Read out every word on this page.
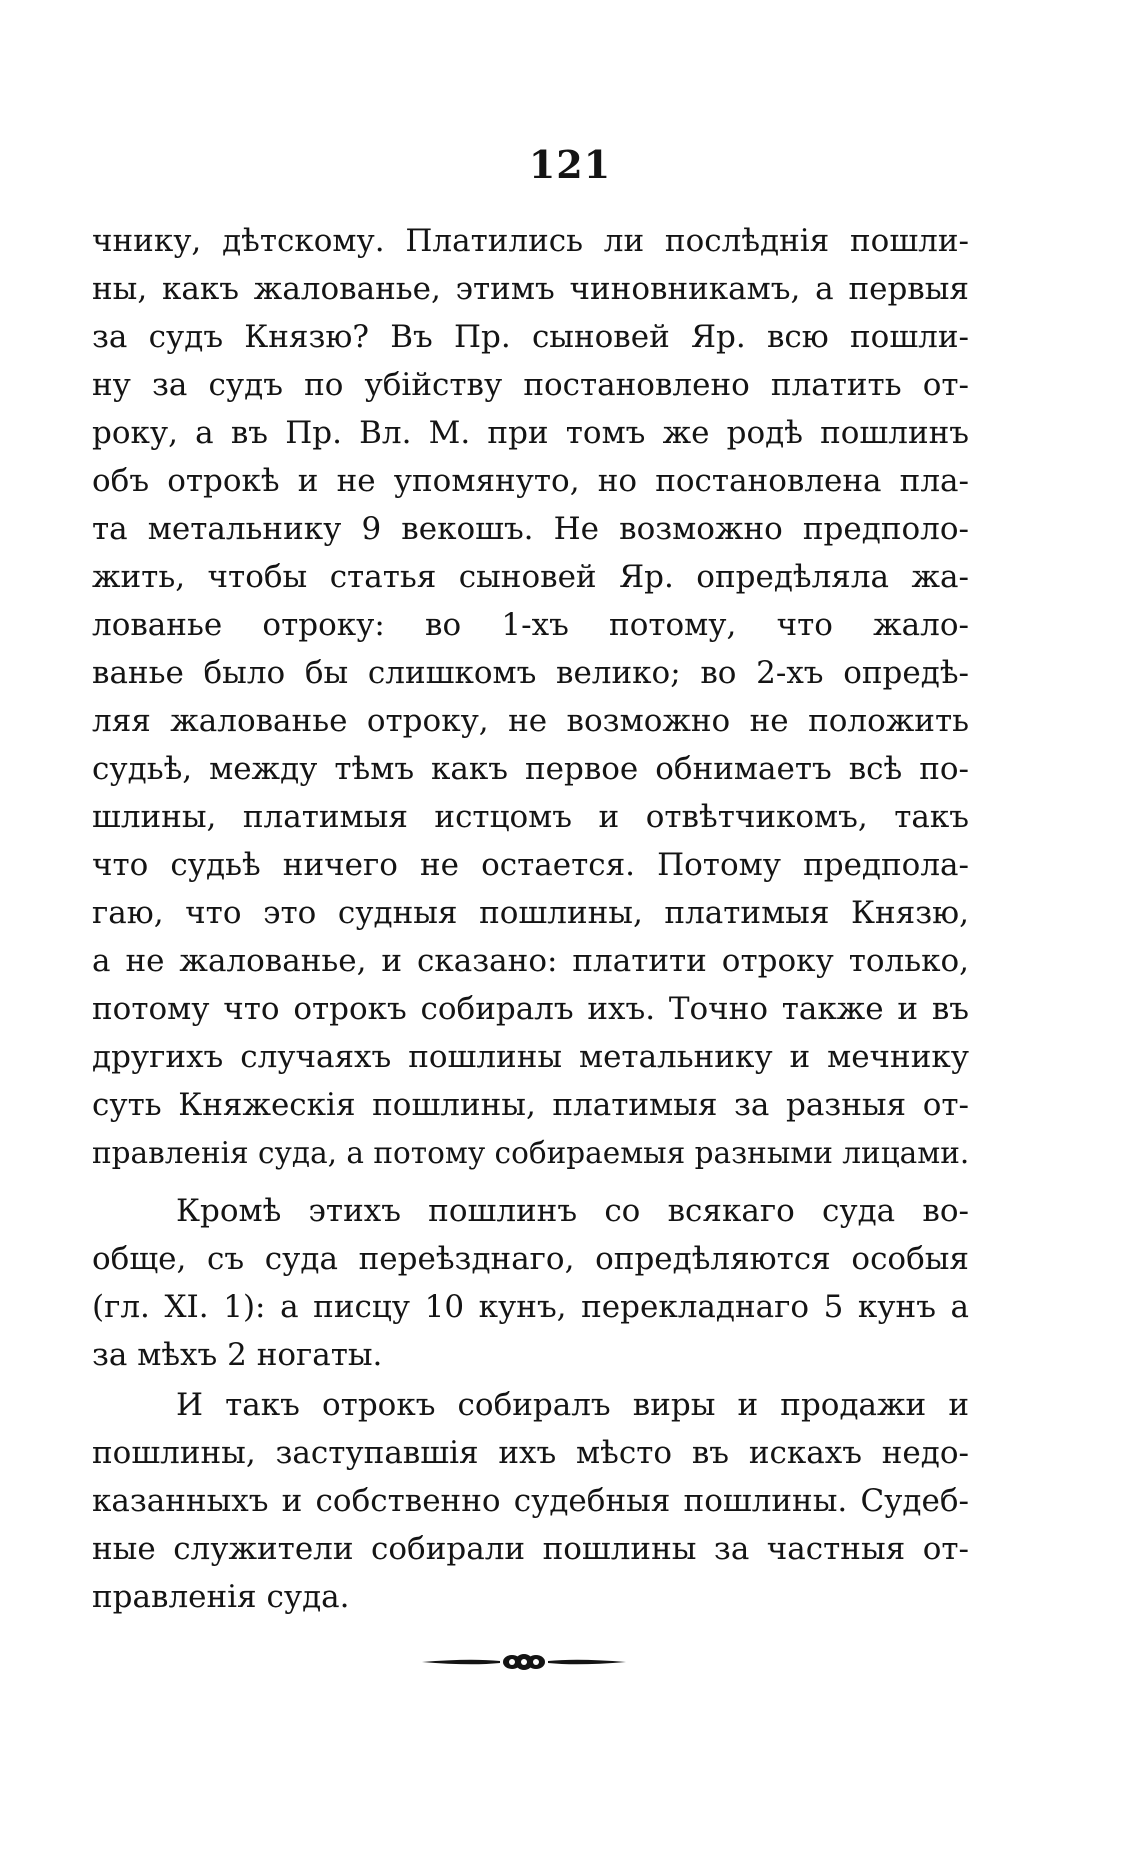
121
чнику, дѣтскому. Платились ли послѣднія пошли-
ны, какъ жалованье, этимъ чиновникамъ, а первыя
за судъ Князю? Въ Пр. сыновей Яр. всю пошли-
ну за судъ по убійству постановлено платить от-
року, а въ Пр. Вл. М. при томъ же родѣ пошлинъ
объ отрокѣ и не упомянуто, но постановлена пла-
та метальнику 9 векошъ. Не возможно предполо-
жить, чтобы статья сыновей Яр. опредѣляла жа-
лованье отроку: во 1-хъ потому, что жало-
ванье было бы слишкомъ велико; во 2-хъ опредѣ-
ляя жалованье отроку, не возможно не положить
судьѣ, между тѣмъ какъ первое обнимаетъ всѣ по-
шлины, платимыя истцомъ и отвѣтчикомъ, такъ
что судьѣ ничего не остается. Потому предпола-
гаю, что это судныя пошлины, платимыя Князю,
а не жалованье, и сказано: платити отроку только,
потому что отрокъ собиралъ ихъ. Точно также и въ
другихъ случаяхъ пошлины метальнику и мечнику
суть Княжескія пошлины, платимыя за разныя от-
правленія суда, а потому собираемыя разными лицами.
Кромѣ этихъ пошлинъ со всякаго суда во-
обще, съ суда переѣзднаго, опредѣляются особыя
(гл. XI. 1): а писцу 10 кунъ, перекладнаго 5 кунъ а
за мѣхъ 2 ногаты.
И такъ отрокъ собиралъ виры и продажи и
пошлины, заступавшія ихъ мѣсто въ искахъ недо-
казанныхъ и собственно судебныя пошлины. Судеб-
ные служители собирали пошлины за частныя от-
правленія суда.
